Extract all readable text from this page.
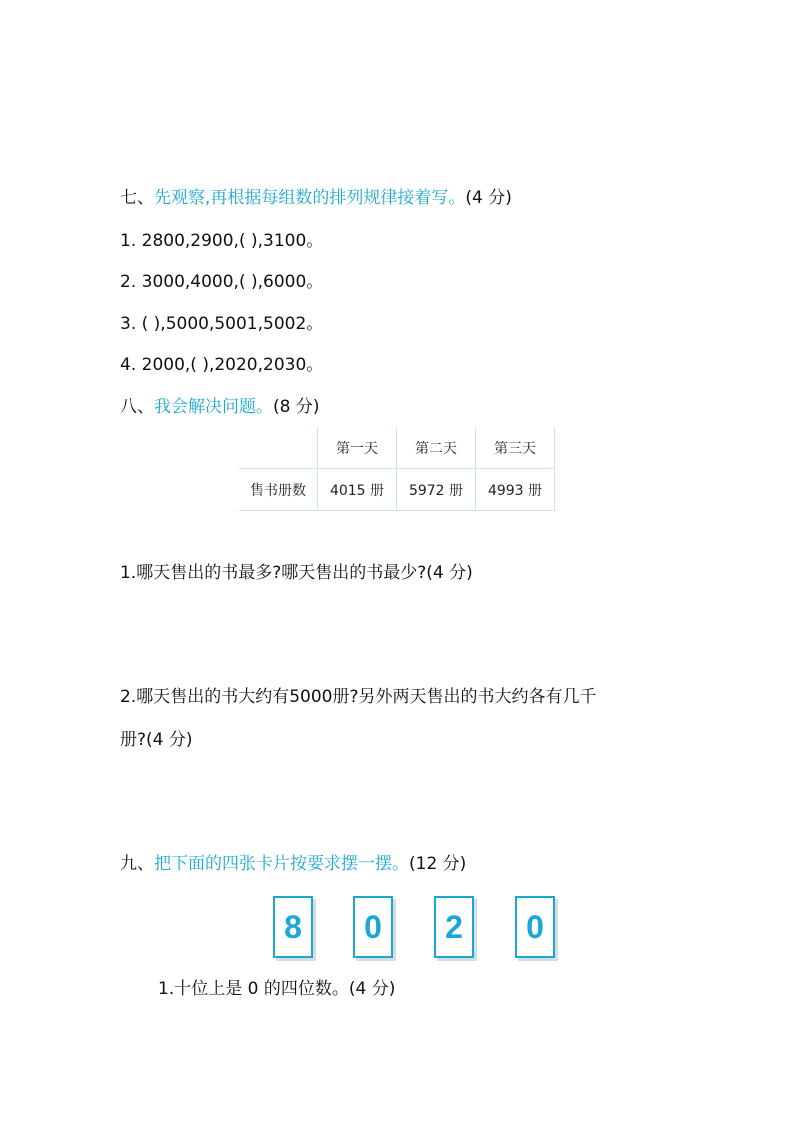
七、先观察,再根据每组数的排列规律接着写。(4 分)
1. 2800,2900,( ),3100。
2. 3000,4000,( ),6000。
3. ( ),5000,5001,5002。
4. 2000,( ),2020,2030。
八、我会解决问题。(8 分)
	第一天	第二天	第三天
售书册数	4015 册	5972 册	4993 册
1.哪天售出的书最多?哪天售出的书最少?(4 分)
2.哪天售出的书大约有5000册?另外两天售出的书大约各有几千
册?(4 分)
九、把下面的四张卡片按要求摆一摆。(12 分)
8	0	2	0
1.十位上是 0 的四位数。(4 分)
